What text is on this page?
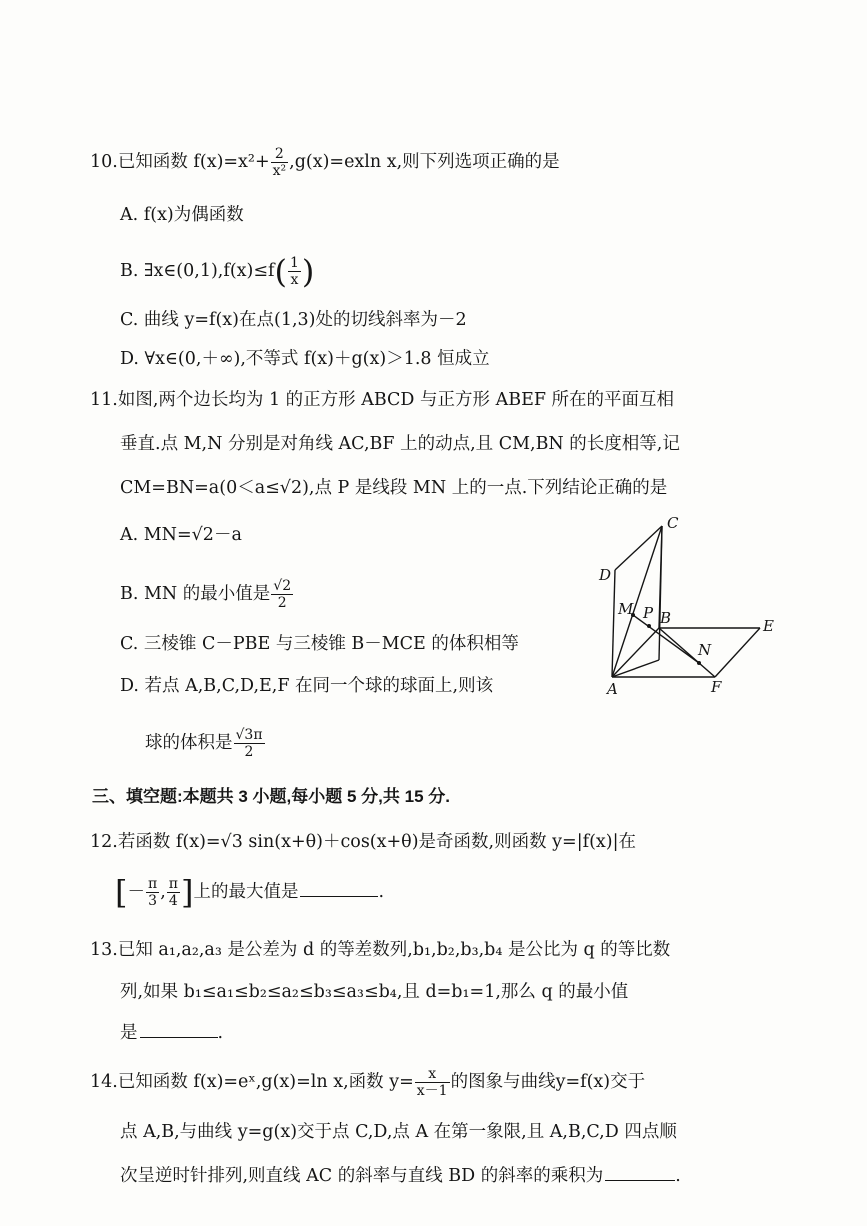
10.已知函数 $f(x)=x^2+ \frac{2}{\text{x²}} ,g(x)=exln$ x,则下列选项正确的是
A. f(x)为偶函数
B. ∃x∈(0,1),f(x)≤f( $\frac{1}{x}$ )
C. 曲线 y=f(x)在点(1,3)处的切线斜率为－2
D. ∀x∈(0,＋∞),不等式 f(x)＋g(x)＞1.8 恒成立
11.如图,两个边长均为 1 的正方形 ABCD 与正方形 ABEF 所在的平面互相
垂直.点 M,N 分别是对角线 AC,BF 上的动点,且 CM,BN 的长度相等,记
CM=BN=a(0＜a≤√2),点 P 是线段 MN 上的一点.下列结论正确的是
A. MN=√2－a
B. MN 的最小值是 $\frac{√2}{2}$
C. 三棱锥 C－PBE 与三棱锥 B－MCE 的体积相等
D. 若点 A,B,C,D,E,F 在同一个球的球面上,则该
球的体积是 $\frac{√3\pi}{2}$
C
D
M P B	E
N
A	F
三、填空题:本题共 3 小题,每小题 5 分,共 15 分.
12.若函数 f(x)=√3 sin(x+θ)＋cos(x+θ)是奇函数,则函数 y=|f(x)|在
[－ $\frac{\pi}{3}$ , $\frac{\pi}{4}$ ]上的最大值是	.
13.已知 a₁,a₂,a₃ 是公差为 d 的等差数列,b₁,b₂,b₃,b₄ 是公比为 q 的等比数
列,如果 b₁≤a₁≤b₂≤a₂≤b₃≤a₃≤b₄,且 d=b₁=1,那么 q 的最小值
是	.
14.已知函数 f(x)=eˣ,g(x)=ln x,函数 $y= \frac{x}{x-1}$ 的图象与曲线y=f(x)交于
点 A,B,与曲线 y=g(x)交于点 C,D,点 A 在第一象限,且 A,B,C,D 四点顺
次呈逆时针排列,则直线 AC 的斜率与直线 BD 的斜率的乘积为	.
